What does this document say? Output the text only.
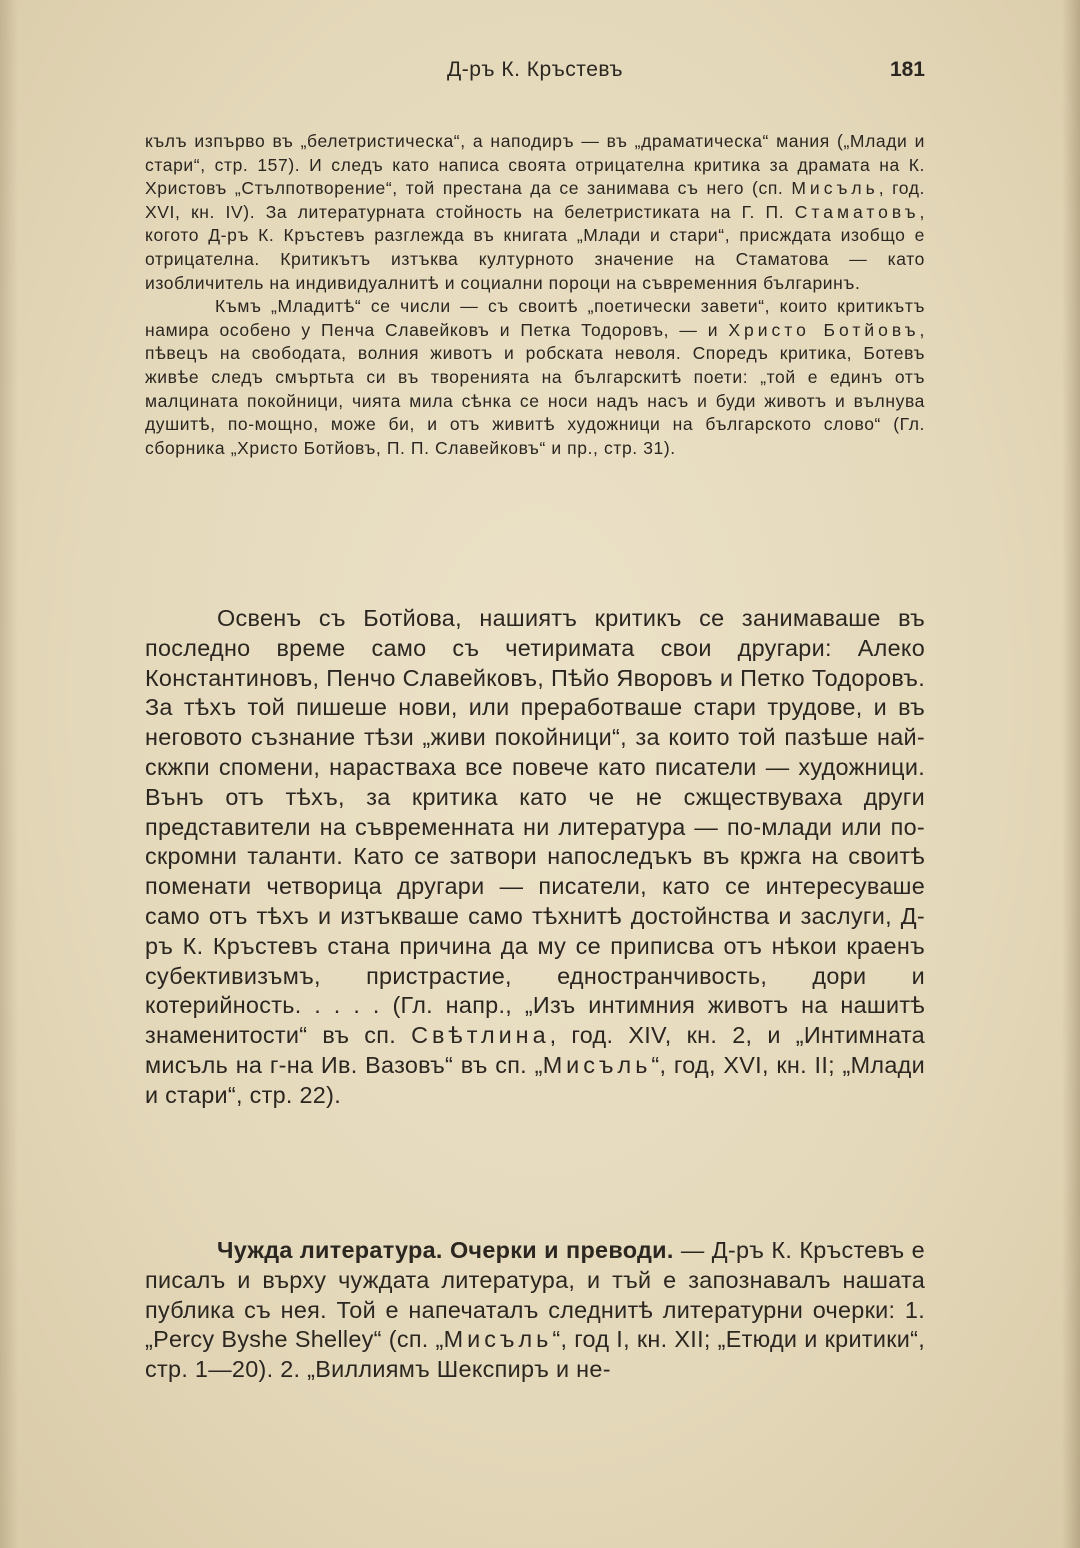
Д-ръ К. Кръстевъ	181

кълъ изпърво въ „белетристическа“, а наподиръ — въ „драматическа“ мания („Млади и стари“, стр. 157). И следъ като написа своята отрицателна критика за драмата на К. Христовъ „Стълпотворение“, той престана да се занимава съ него (сп. Мисъль, год. XVI, кн. IV). За литературната стойность на белетристиката на Г. П. Стаматовъ, когото Д-ръ К. Кръстевъ разглежда въ книгата „Млади и стари“, присждата изобщо е отрицателна. Критикътъ изтъква културното значение на Стаматова — като изобличитель на индивидуалнитѣ и социални пороци на съвременния българинъ.

Къмъ „Младитѣ“ се числи — съ своитѣ „поетически завети“, които критикътъ намира особено у Пенча Славейковъ и Петка Тодоровъ, — и Христо Ботйовъ, пѣвецъ на свободата, волния животъ и робската неволя. Споредъ критика, Ботевъ живѣе следъ смъртьта си въ творенията на българскитѣ поети: „той е единъ отъ малцината покойници, чията мила сѣнка се носи надъ насъ и буди животъ и вълнува душитѣ, по-мощно, може би, и отъ живитѣ художници на българското слово“ (Гл. сборника „Христо Ботйовъ, П. П. Славейковъ“ и пр., стр. 31).

Освенъ съ Ботйова, нашиятъ критикъ се занимаваше въ последно време само съ четиримата свои другари: Алеко Константиновъ, Пенчо Славейковъ, Пѣйо Яворовъ и Петко Тодоровъ. За тѣхъ той пишеше нови, или преработваше стари трудове, и въ неговото съзнание тѣзи „живи покойници“, за които той пазѣше най-скжпи спомени, нарастваха все повече като писатели — художници. Вънъ отъ тѣхъ, за критика като че не сжществуваха други представители на съвременната ни литература — по-млади или по-скромни таланти. Като се затвори напоследъкъ въ кржга на своитѣ поменати четворица другари — писатели, като се интересуваше само отъ тѣхъ и изтъкваше само тѣхнитѣ достойнства и заслуги, Д-ръ К. Кръстевъ стана причина да му се приписва отъ нѣкои краенъ субективизъмъ, пристрастие, едностранчивость, дори и котерийность. . . . . (Гл. напр., „Изъ интимния животъ на нашитѣ знаменитости“ въ сп. Свѣтлина, год. XIV, кн. 2, и „Интимната мисъль на г-на Ив. Вазовъ“ въ сп. „Мисъль“, год, XVI, кн. II; „Млади и стари“, стр. 22).

Чужда литература. Очерки и преводи. — Д-ръ К. Кръстевъ е писалъ и върху чуждата литература, и тъй е запознавалъ нашата публика съ нея. Той е напечаталъ следнитѣ литературни очерки: 1. „Percy Byshe Shelley“ (сп. „Мисъль“, год I, кн. XII; „Етюди и критики“, стр. 1—20). 2. „Виллиямъ Шекспиръ и не-
